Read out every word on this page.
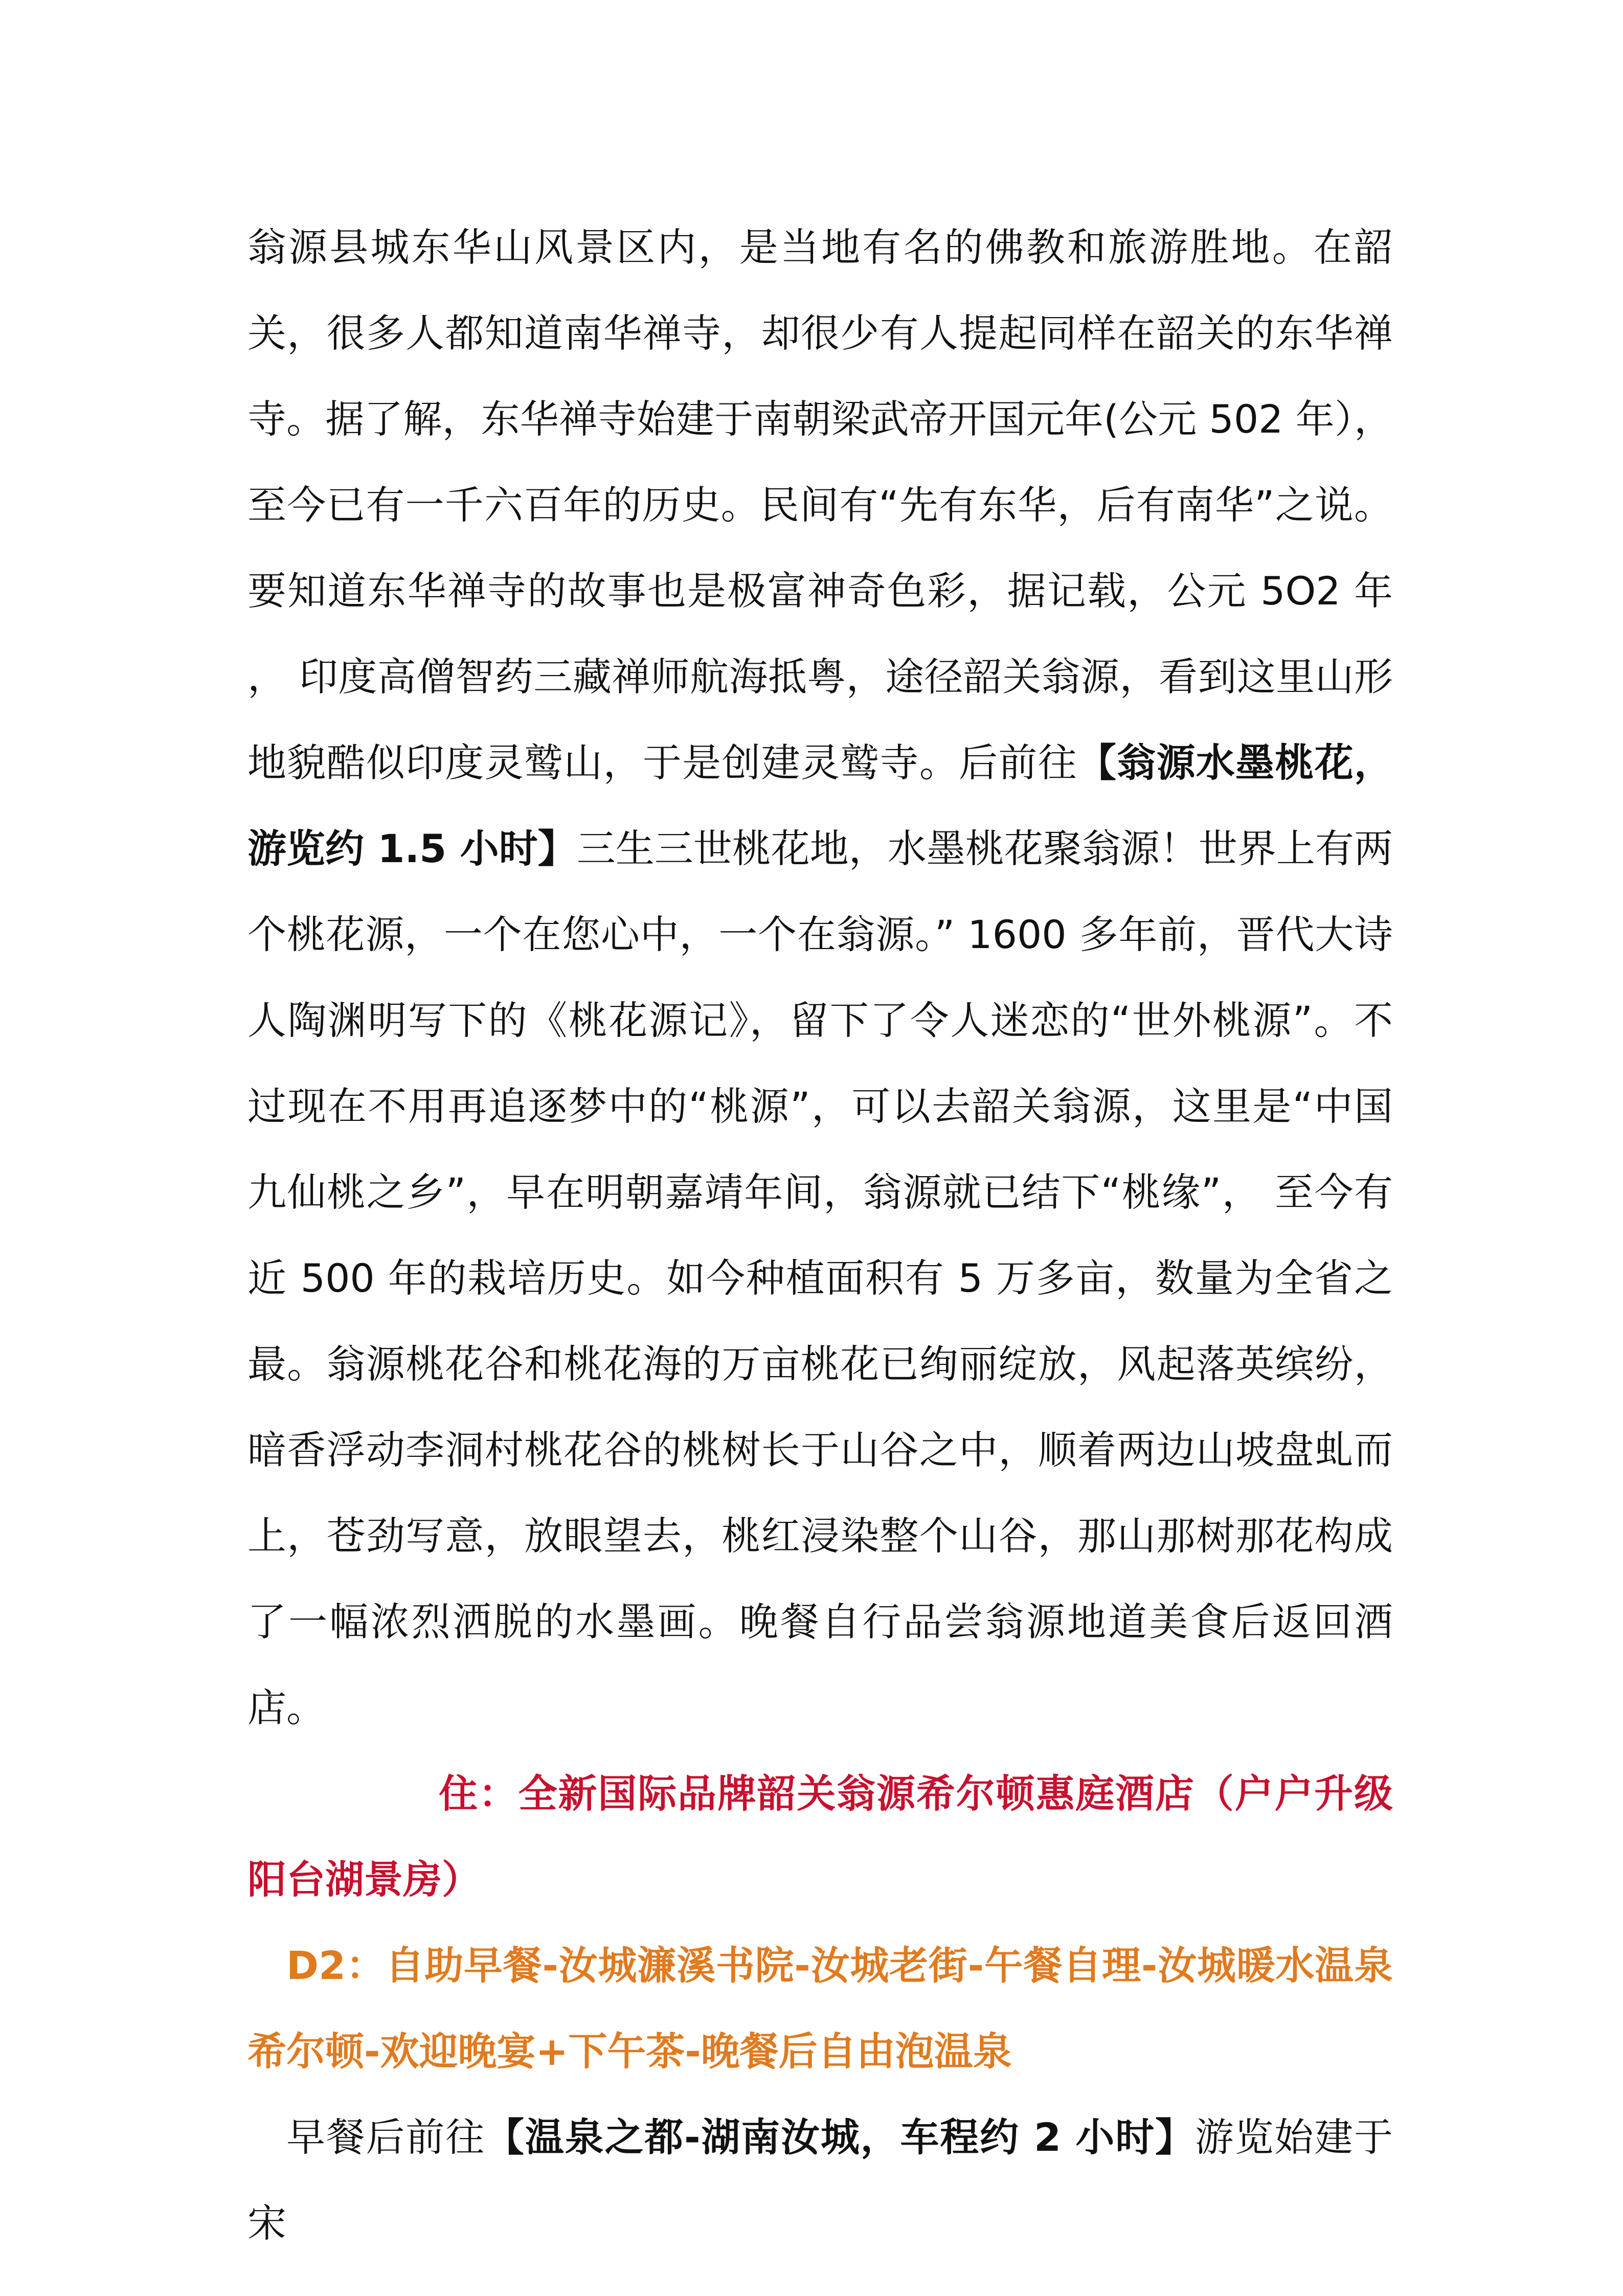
翁源县城东华山风景区内，是当地有名的佛教和旅游胜地。在韶关，很多人都知道南华禅寺，却很少有人提起同样在韶关的东华禅寺。据了解，东华禅寺始建于南朝梁武帝开国元年(公元 502 年）， 至今已有一千六百年的历史。民间有“先有东华，后有南华”之说。要知道东华禅寺的故事也是极富神奇色彩，据记载，公元 5O2 年 ， 印度高僧智药三藏禅师航海抵粤，途径韶关翁源，看到这里山形地貌酷似印度灵鹫山，于是创建灵鹫寺。后前往【翁源水墨桃花，游览约 1.5 小时】三生三世桃花地，水墨桃花聚翁源！世界上有两个桃花源，一个在您心中，一个在翁源。” 1600 多年前，晋代大诗人陶渊明写下的《桃花源记》，留下了令人迷恋的“世外桃源”。不过现在不用再追逐梦中的“桃源”，可以去韶关翁源，这里是“中国九仙桃之乡”，早在明朝嘉靖年间，翁源就已结下“桃缘”， 至今有近 500 年的栽培历史。如今种植面积有 5 万多亩，数量为全省之最。翁源桃花谷和桃花海的万亩桃花已绚丽绽放，风起落英缤纷，暗香浮动李洞村桃花谷的桃树长于山谷之中，顺着两边山坡盘虬而上，苍劲写意，放眼望去，桃红浸染整个山谷，那山那树那花构成了一幅浓烈洒脱的水墨画。晚餐自行品尝翁源地道美食后返回酒店。

住：全新国际品牌韶关翁源希尔顿惠庭酒店（户户升级阳台湖景房）

D2：自助早餐-汝城濂溪书院-汝城老街-午餐自理-汝城暖水温泉希尔顿-欢迎晚宴+下午茶-晚餐后自由泡温泉

早餐后前往【温泉之都-湖南汝城，车程约 2 小时】游览始建于宋
